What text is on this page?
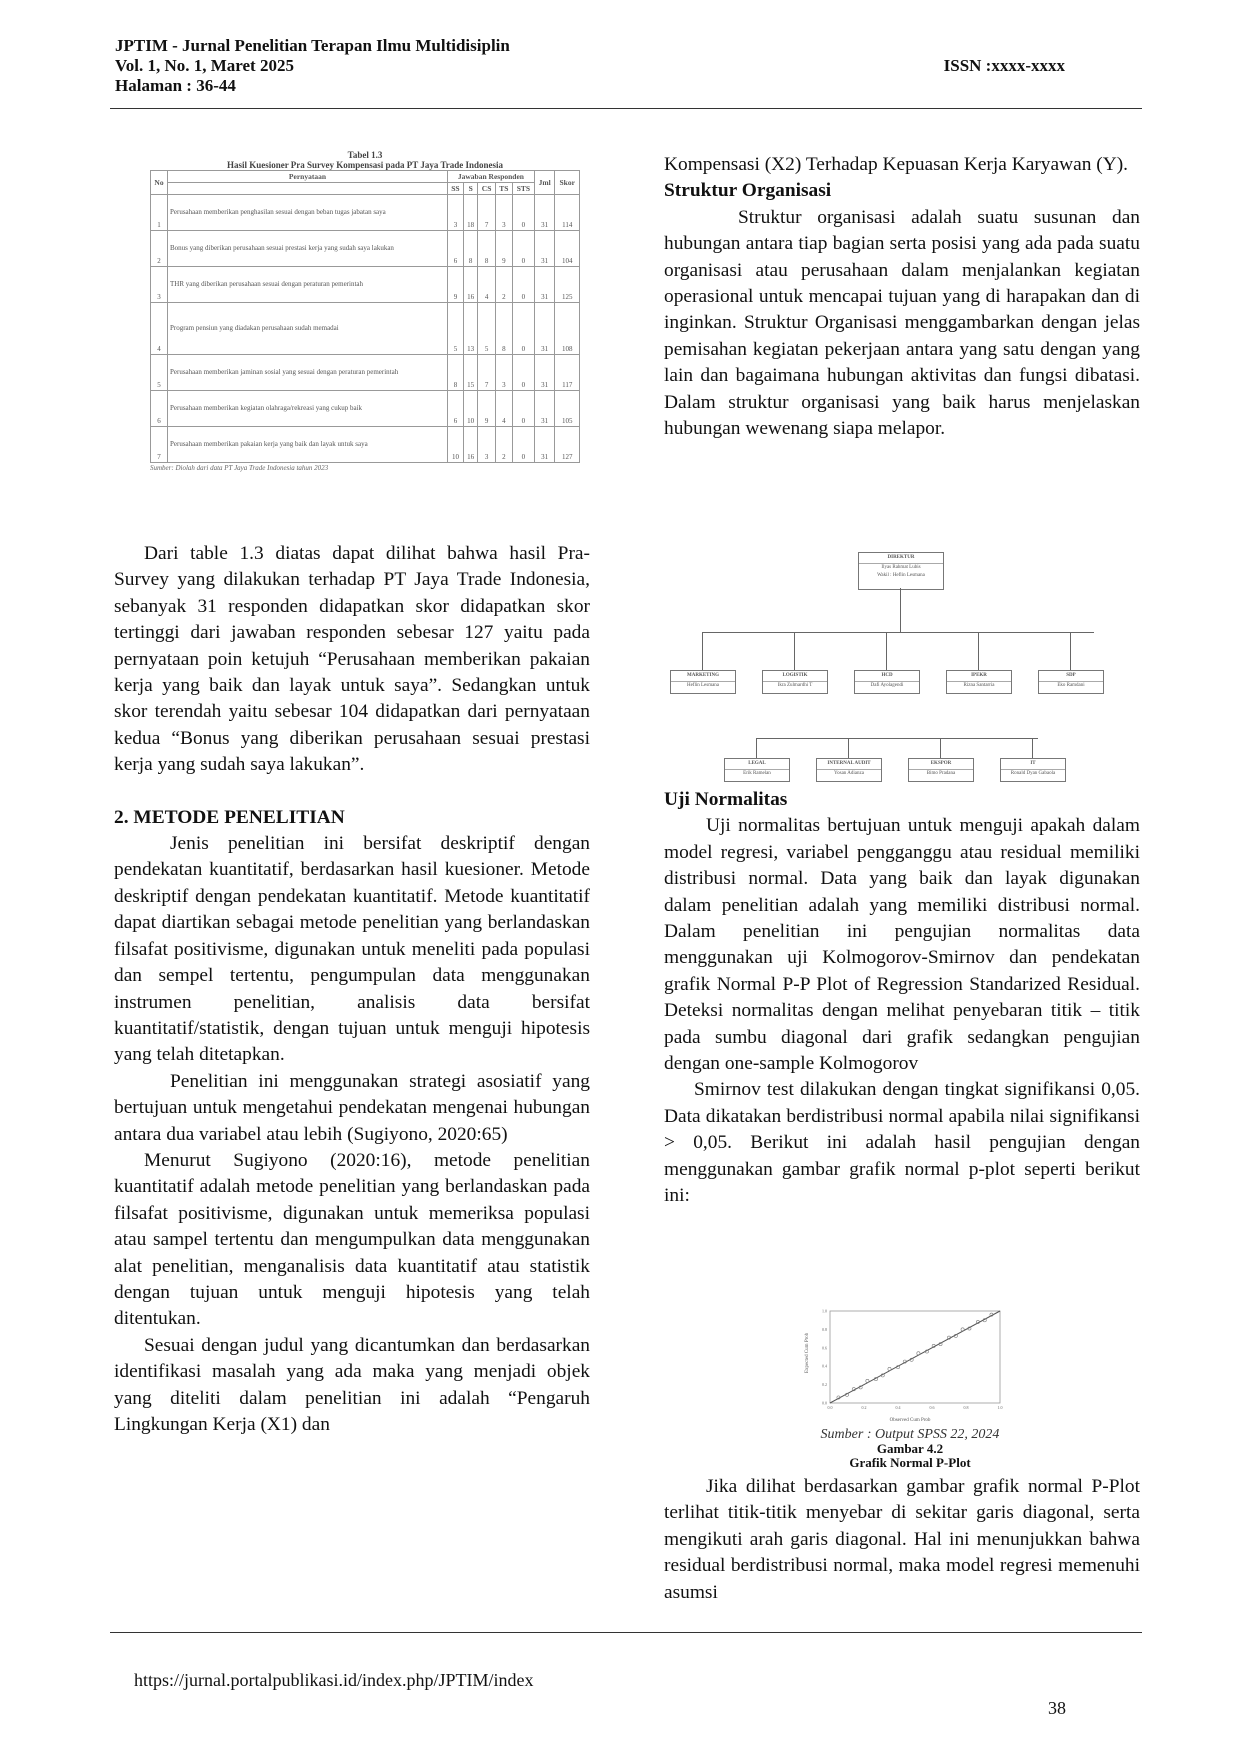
JPTIM - Jurnal Penelitian Terapan Ilmu Multidisiplin
Vol. 1, No. 1, Maret 2025
Halaman : 36-44
ISSN :xxxx-xxxx
Tabel 1.3
Hasil Kuesioner Pra Survey Kompensasi pada PT Jaya Trade Indonesia
No	Pernyataan	Jawaban Responden					Jml	Skor
		SS	S	CS	TS	STS		
1	Perusahaan memberikan penghasilan sesuai dengan beban tugas jabatan saya	3	18	7	3	0	31	114
2	Bonus yang diberikan perusahaan sesuai prestasi kerja yang sudah saya lakukan	6	8	8	9	0	31	104
3	THR yang diberikan perusahaan sesuai dengan peraturan pemerintah	9	16	4	2	0	31	125
4	Program pensiun yang diadakan perusahaan sudah memadai	5	13	5	8	0	31	108
5	Perusahaan memberikan jaminan sosial yang sesuai dengan peraturan pemerintah	8	15	7	3	0	31	117
6	Perusahaan memberikan kegiatan olahraga/rekreasi yang cukup baik	6	10	9	4	0	31	105
7	Perusahaan memberikan pakaian kerja yang baik dan layak untuk saya	10	16	3	2	0	31	127
Sumber: Diolah dari data PT Jaya Trade Indonesia tahun 2023

Dari table 1.3 diatas dapat dilihat bahwa hasil Pra-Survey yang dilakukan terhadap PT Jaya Trade Indonesia, sebanyak 31 responden didapatkan skor didapatkan skor tertinggi dari jawaban responden sebesar 127 yaitu pada pernyataan poin ketujuh “Perusahaan memberikan pakaian kerja yang baik dan layak untuk saya”. Sedangkan untuk skor terendah yaitu sebesar 104 didapatkan dari pernyataan kedua “Bonus yang diberikan perusahaan sesuai prestasi kerja yang sudah saya lakukan”.

2. METODE PENELITIAN

Jenis penelitian ini bersifat deskriptif dengan pendekatan kuantitatif, berdasarkan hasil kuesioner. Metode deskriptif dengan pendekatan kuantitatif. Metode kuantitatif dapat diartikan sebagai metode penelitian yang berlandaskan filsafat positivisme, digunakan untuk meneliti pada populasi dan sempel tertentu, pengumpulan data menggunakan instrumen penelitian, analisis data bersifat kuantitatif/statistik, dengan tujuan untuk menguji hipotesis yang telah ditetapkan.

Penelitian ini menggunakan strategi asosiatif yang bertujuan untuk mengetahui pendekatan mengenai hubungan antara dua variabel atau lebih (Sugiyono, 2020:65)

Menurut Sugiyono (2020:16), metode penelitian kuantitatif adalah metode penelitian yang berlandaskan pada filsafat positivisme, digunakan untuk memeriksa populasi atau sampel tertentu dan mengumpulkan data menggunakan alat penelitian, menganalisis data kuantitatif atau statistik dengan tujuan untuk menguji hipotesis yang telah ditentukan.

Sesuai dengan judul yang dicantumkan dan berdasarkan identifikasi masalah yang ada maka yang menjadi objek yang diteliti dalam penelitian ini adalah “Pengaruh Lingkungan Kerja (X1) dan

Kompensasi (X2) Terhadap Kepuasan Kerja Karyawan (Y).

Struktur Organisasi

Struktur organisasi adalah suatu susunan dan hubungan antara tiap bagian serta posisi yang ada pada suatu organisasi atau perusahaan dalam menjalankan kegiatan operasional untuk mencapai tujuan yang di harapakan dan di inginkan. Struktur Organisasi menggambarkan dengan jelas pemisahan kegiatan pekerjaan antara yang satu dengan yang lain dan bagaimana hubungan aktivitas dan fungsi dibatasi. Dalam struktur organisasi yang baik harus menjelaskan hubungan wewenang siapa melapor.

DIREKTUR
Ilyas Rahmat Lubis
Wakil : Heflin Lesmana
MARKETING
Heflin Lesmana
LOGISTIK
Ikra Zulmardhi T
HCD
Dafi Ayolagendi
IPEKR
Rizna Santarria
SDP
Eko Ramdani
LEGAL
Erik Ramelan
INTERNAL AUDIT
Yosan Adianza
EKSPOR
Bimo Pradana
IT
Ronald Dyan Gabaola

Uji Normalitas

Uji normalitas bertujuan untuk menguji apakah dalam model regresi, variabel pengganggu atau residual memiliki distribusi normal. Data yang baik dan layak digunakan dalam penelitian adalah yang memiliki distribusi normal. Dalam penelitian ini pengujian normalitas data menggunakan uji Kolmogorov-Smirnov dan pendekatan grafik Normal P-P Plot of Regression Standarized Residual. Deteksi normalitas dengan melihat penyebaran titik – titik pada sumbu diagonal dari grafik sedangkan pengujian dengan one-sample Kolmogorov

Smirnov test dilakukan dengan tingkat signifikansi 0,05. Data dikatakan berdistribusi normal apabila nilai signifikansi > 0,05. Berikut ini adalah hasil pengujian dengan menggunakan gambar grafik normal p-plot seperti berikut ini:

Expected Cum Prob
Observed Cum Prob
0.0
0.0
0.2
0.2
0.4
0.4
0.6
0.6
0.8
0.8
1.0
1.0
Sumber : Output SPSS 22, 2024
Gambar 4.2
Grafik Normal P-Plot

Jika dilihat berdasarkan gambar grafik normal P-Plot terlihat titik-titik menyebar di sekitar garis diagonal, serta mengikuti arah garis diagonal. Hal ini menunjukkan bahwa residual berdistribusi normal, maka model regresi memenuhi asumsi

https://jurnal.portalpublikasi.id/index.php/JPTIM/index
38
